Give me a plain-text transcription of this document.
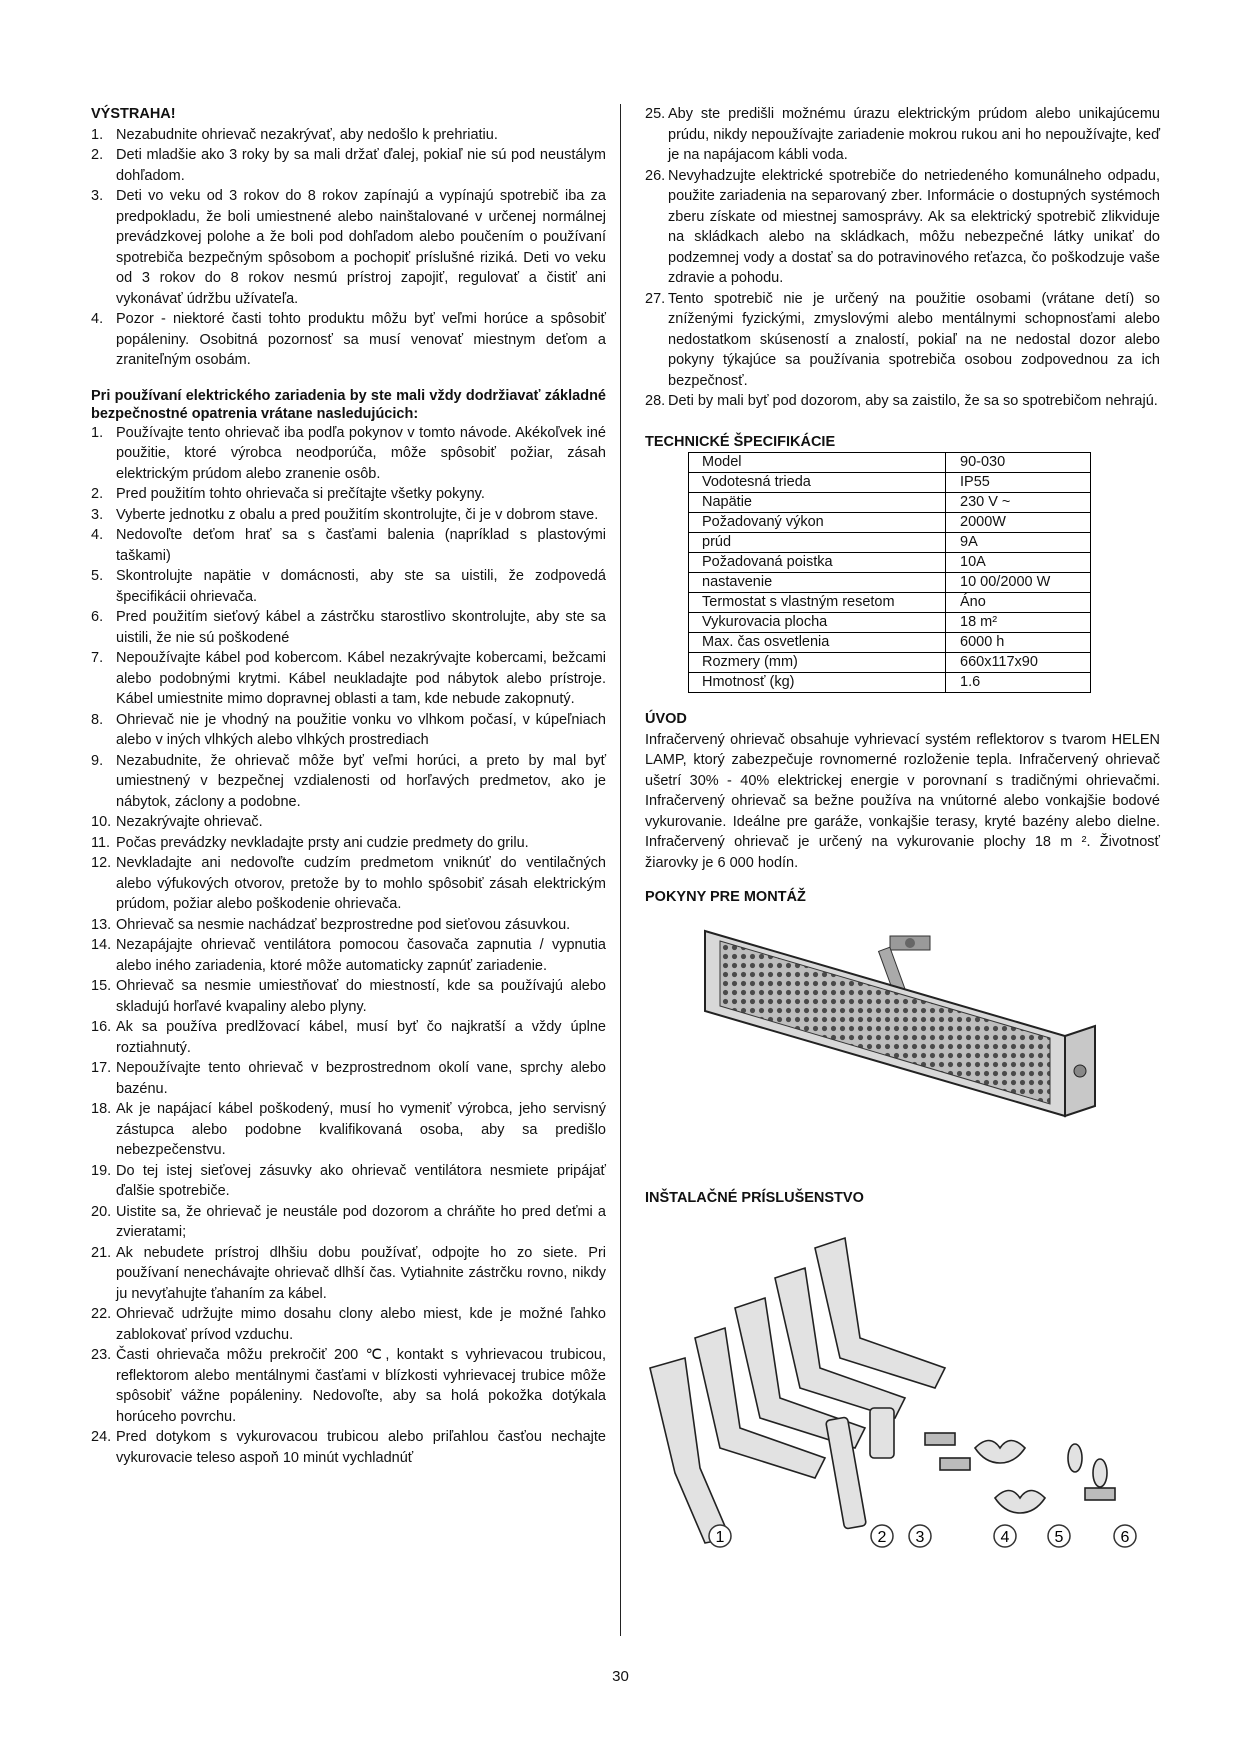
VÝSTRAHA!

1. Nezabudnite ohrievač nezakrývať, aby nedošlo k prehriatiu.
2. Deti mladšie ako 3 roky by sa mali držať ďalej, pokiaľ nie sú pod neustálym dohľadom.
3. Deti vo veku od 3 rokov do 8 rokov zapínajú a vypínajú spotrebič iba za predpokladu, že boli umiestnené alebo nainštalované v určenej normálnej prevádzkovej polohe a že boli pod dohľadom alebo poučením o používaní spotrebiča bezpečným spôsobom a pochopiť príslušné riziká. Deti vo veku od 3 rokov do 8 rokov nesmú prístroj zapojiť, regulovať a čistiť ani vykonávať údržbu užívateľa.
4. Pozor - niektoré časti tohto produktu môžu byť veľmi horúce a spôsobiť popáleniny. Osobitná pozornosť sa musí venovať miestnym deťom a zraniteľným osobám.

Pri používaní elektrického zariadenia by ste mali vždy dodržiavať základné bezpečnostné opatrenia vrátane nasledujúcich:

1. Používajte tento ohrievač iba podľa pokynov v tomto návode. Akékoľvek iné použitie, ktoré výrobca neodporúča, môže spôsobiť požiar, zásah elektrickým prúdom alebo zranenie osôb.
2. Pred použitím tohto ohrievača si prečítajte všetky pokyny.
3. Vyberte jednotku z obalu a pred použitím skontrolujte, či je v dobrom stave.
4. Nedovoľte deťom hrať sa s časťami balenia (napríklad s plastovými taškami)
5. Skontrolujte napätie v domácnosti, aby ste sa uistili, že zodpovedá špecifikácii ohrievača.
6. Pred použitím sieťový kábel a zástrčku starostlivo skontrolujte, aby ste sa uistili, že nie sú poškodené
7. Nepoužívajte kábel pod kobercom. Kábel nezakrývajte kobercami, bežcami alebo podobnými krytmi. Kábel neukladajte pod nábytok alebo prístroje. Kábel umiestnite mimo dopravnej oblasti a tam, kde nebude zakopnutý.
8. Ohrievač nie je vhodný na použitie vonku vo vlhkom počasí, v kúpeľniach alebo v iných vlhkých alebo vlhkých prostrediach
9. Nezabudnite, že ohrievač môže byť veľmi horúci, a preto by mal byť umiestnený v bezpečnej vzdialenosti od horľavých predmetov, ako je nábytok, záclony a podobne.
10. Nezakrývajte ohrievač.
11. Počas prevádzky nevkladajte prsty ani cudzie predmety do grilu.
12. Nevkladajte ani nedovoľte cudzím predmetom vniknúť do ventilačných alebo výfukových otvorov, pretože by to mohlo spôsobiť zásah elektrickým prúdom, požiar alebo poškodenie ohrievača.
13. Ohrievač sa nesmie nachádzať bezprostredne pod sieťovou zásuvkou.
14. Nezapájajte ohrievač ventilátora pomocou časovača zapnutia / vypnutia alebo iného zariadenia, ktoré môže automaticky zapnúť zariadenie.
15. Ohrievač sa nesmie umiestňovať do miestností, kde sa používajú alebo skladujú horľavé kvapaliny alebo plyny.
16. Ak sa používa predlžovací kábel, musí byť čo najkratší a vždy úplne roztiahnutý.
17. Nepoužívajte tento ohrievač v bezprostrednom okolí vane, sprchy alebo bazénu.
18. Ak je napájací kábel poškodený, musí ho vymeniť výrobca, jeho servisný zástupca alebo podobne kvalifikovaná osoba, aby sa predišlo nebezpečenstvu.
19. Do tej istej sieťovej zásuvky ako ohrievač ventilátora nesmiete pripájať ďalšie spotrebiče.
20. Uistite sa, že ohrievač je neustále pod dozorom a chráňte ho pred deťmi a zvieratami;
21. Ak nebudete prístroj dlhšiu dobu používať, odpojte ho zo siete. Pri používaní nenechávajte ohrievač dlhší čas. Vytiahnite zástrčku rovno, nikdy ju nevyťahujte ťahaním za kábel.
22. Ohrievač udržujte mimo dosahu clony alebo miest, kde je možné ľahko zablokovať prívod vzduchu.
23. Časti ohrievača môžu prekročiť 200 ℃, kontakt s vyhrievacou trubicou, reflektorom alebo mentálnymi časťami v blízkosti vyhrievacej trubice môže spôsobiť vážne popáleniny. Nedovoľte, aby sa holá pokožka dotýkala horúceho povrchu.
24. Pred dotykom s vykurovacou trubicou alebo priľahlou časťou nechajte vykurovacie teleso aspoň 10 minút vychladnúť
25. Aby ste predišli možnému úrazu elektrickým prúdom alebo unikajúcemu prúdu, nikdy nepoužívajte zariadenie mokrou rukou ani ho nepoužívajte, keď je na napájacom kábli voda.
26. Nevyhadzujte elektrické spotrebiče do netriedeného komunálneho odpadu, použite zariadenia na separovaný zber. Informácie o dostupných systémoch zberu získate od miestnej samosprávy. Ak sa elektrický spotrebič zlikviduje na skládkach alebo na skládkach, môžu nebezpečné látky unikať do podzemnej vody a dostať sa do potravinového reťazca, čo poškodzuje vaše zdravie a pohodu.
27. Tento spotrebič nie je určený na použitie osobami (vrátane detí) so zníženými fyzickými, zmyslovými alebo mentálnymi schopnosťami alebo nedostatkom skúseností a znalostí, pokiaľ na ne nedostal dozor alebo pokyny týkajúce sa používania spotrebiča osobou zodpovednou za ich bezpečnosť.
28. Deti by mali byť pod dozorom, aby sa zaistilo, že sa so spotrebičom nehrajú.

TECHNICKÉ ŠPECIFIKÁCIE

Model	90-030
Vodotesná trieda	IP55
Napätie	230 V ~
Požadovaný výkon	2000W
prúd	9A
Požadovaná poistka	10A
nastavenie	10 00/2000 W
Termostat s vlastným resetom	Áno
Vykurovacia plocha	18 m²
Max. čas osvetlenia	6000 h
Rozmery (mm)	660x117x90
Hmotnosť (kg)	1.6

ÚVOD

Infračervený ohrievač obsahuje vyhrievací systém reflektorov s tvarom HELEN LAMP, ktorý zabezpečuje rovnomerné rozloženie tepla. Infračervený ohrievač ušetrí 30% - 40% elektrickej energie v porovnaní s tradičnými ohrievačmi. Infračervený ohrievač sa bežne používa na vnútorné alebo vonkajšie bodové vykurovanie. Ideálne pre garáže, vonkajšie terasy, kryté bazény alebo dielne. Infračervený ohrievač je určený na vykurovanie plochy 18 m ². Životnosť žiarovky je 6 000 hodín.

POKYNY PRE MONTÁŽ

INŠTALAČNÉ PRÍSLUŠENSTVO

1	2 3	4	5	6
30
